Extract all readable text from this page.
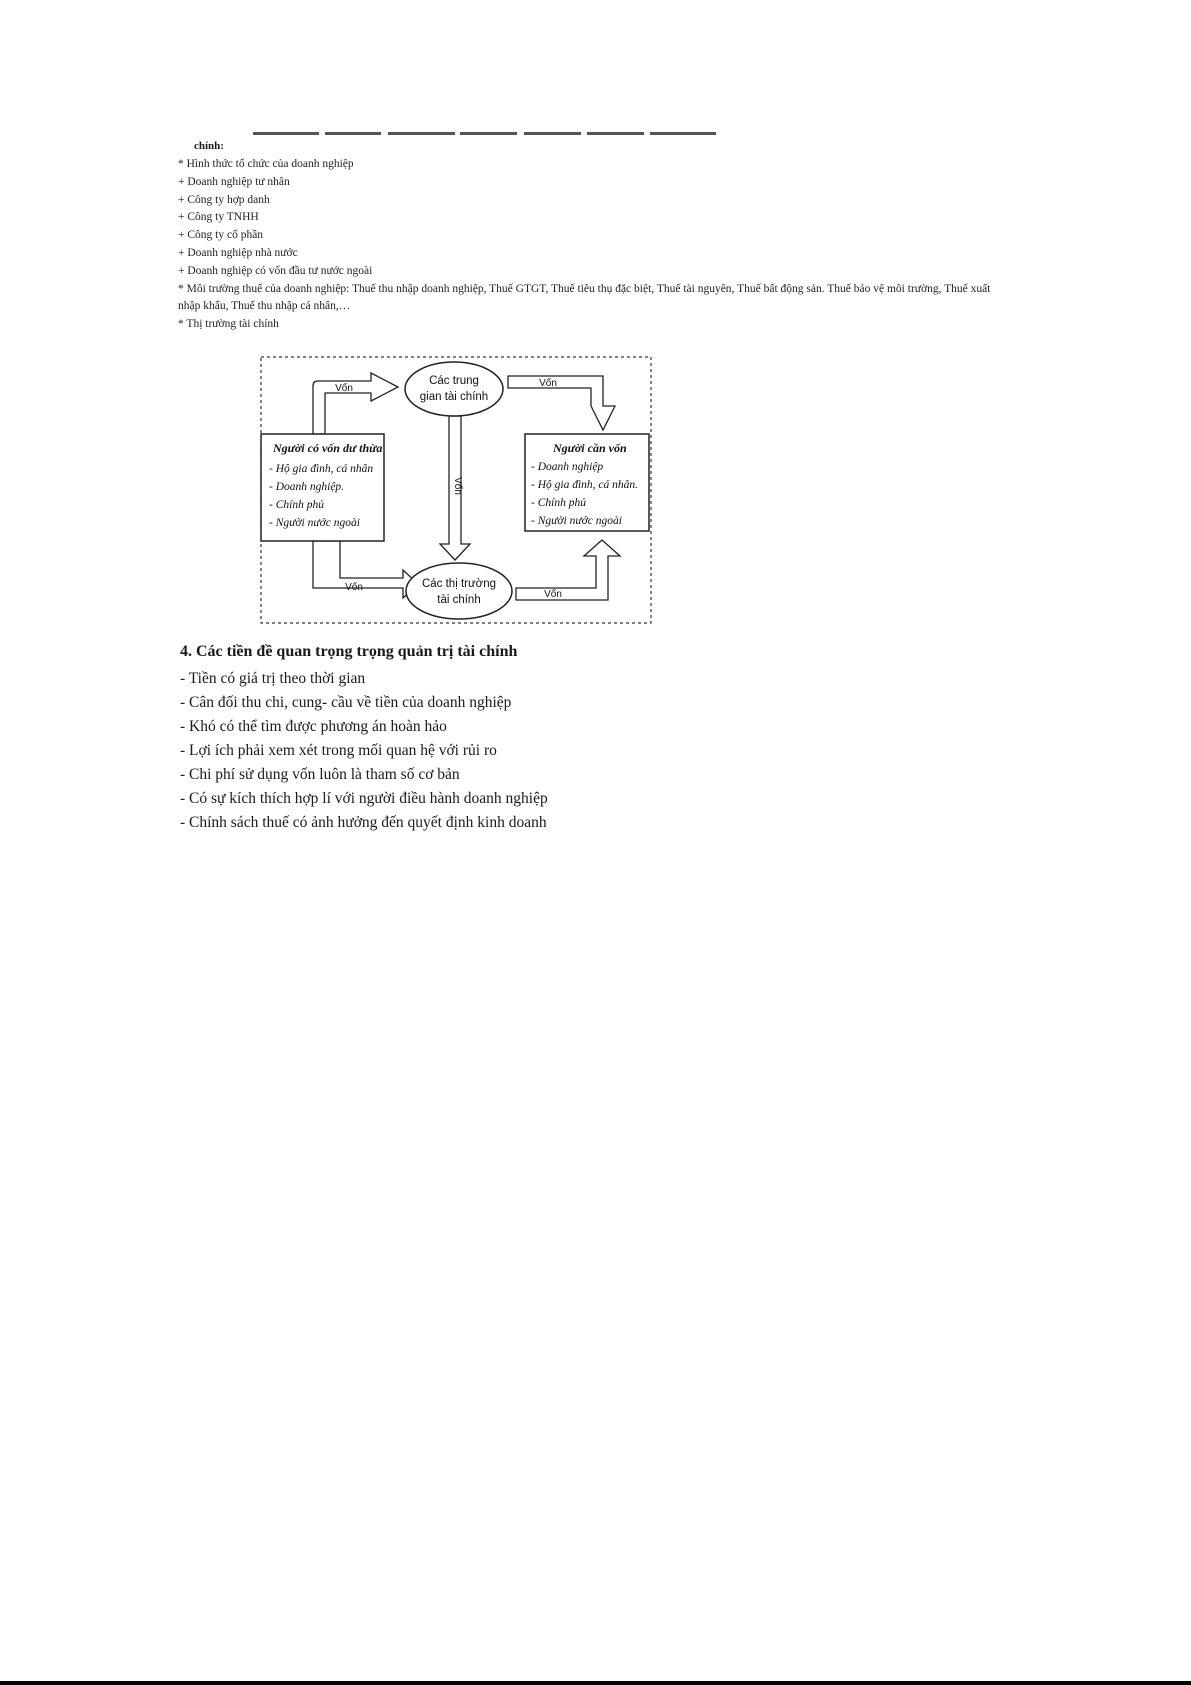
chính:
* Hình thức tổ chức của doanh nghiệp
+ Doanh nghiệp tư nhân
+ Công ty hợp danh
+ Công ty TNHH
+ Công ty cổ phần
+ Doanh nghiệp nhà nước
+ Doanh nghiệp có vốn đầu tư nước ngoài
* Môi trường thuế của doanh nghiệp: Thuế thu nhập doanh nghiệp, Thuế GTGT, Thuế tiêu thụ đặc biệt, Thuế tài nguyên, Thuế bất động sản. Thuế bảo vệ môi trường, Thuế xuất nhập khẩu, Thuế thu nhập cá nhân,…
* Thị trường tài chính
Các trung
gian tài chính
Các thị trường
tài chính
Người có vốn dư thừa
- Hộ gia đình, cá nhân
- Doanh nghiệp.
- Chính phủ
- Người nước ngoài
Người cần vốn
- Doanh nghiệp
- Hộ gia đình, cá nhân.
- Chính phủ
- Người nước ngoài
Vốn	Vốn
Vốn
Vốn
Vốn
4. Các tiền đề quan trọng trọng quản trị tài chính
- Tiền có giá trị theo thời gian
- Cân đối thu chi, cung- cầu về tiền của doanh nghiệp
- Khó có thể tìm được phương án hoàn hảo
- Lợi ích phải xem xét trong mối quan hệ với rủi ro
- Chi phí sử dụng vốn luôn là tham số cơ bản
- Có sự kích thích hợp lí với người điều hành doanh nghiệp
- Chính sách thuế có ảnh hưởng đến quyết định kinh doanh
